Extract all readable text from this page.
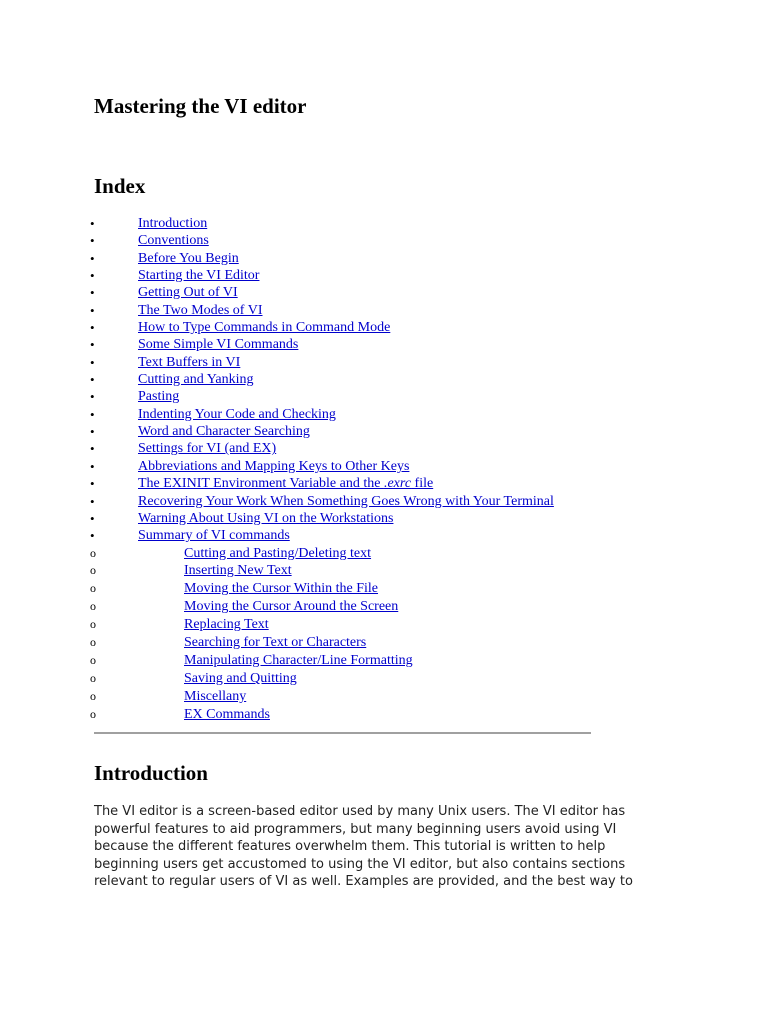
Mastering the VI editor
Index
•	Introduction
•	Conventions
•	Before You Begin
•	Starting the VI Editor
•	Getting Out of VI
•	The Two Modes of VI
•	How to Type Commands in Command Mode
•	Some Simple VI Commands
•	Text Buffers in VI
•	Cutting and Yanking
•	Pasting
•	Indenting Your Code and Checking
•	Word and Character Searching
•	Settings for VI (and EX)
•	Abbreviations and Mapping Keys to Other Keys
•	The EXINIT Environment Variable and the .exrc file
•	Recovering Your Work When Something Goes Wrong with Your Terminal
•	Warning About Using VI on the Workstations
•	Summary of VI commands
o	Cutting and Pasting/Deleting text
o	Inserting New Text
o	Moving the Cursor Within the File
o	Moving the Cursor Around the Screen
o	Replacing Text
o	Searching for Text or Characters
o	Manipulating Character/Line Formatting
o	Saving and Quitting
o	Miscellany
o	EX Commands
Introduction

The VI editor is a screen-based editor used by many Unix users. The VI editor has powerful features to aid programmers, but many beginning users avoid using VI because the different features overwhelm them. This tutorial is written to help beginning users get accustomed to using the VI editor, but also contains sections relevant to regular users of VI as well. Examples are provided, and the best way to
